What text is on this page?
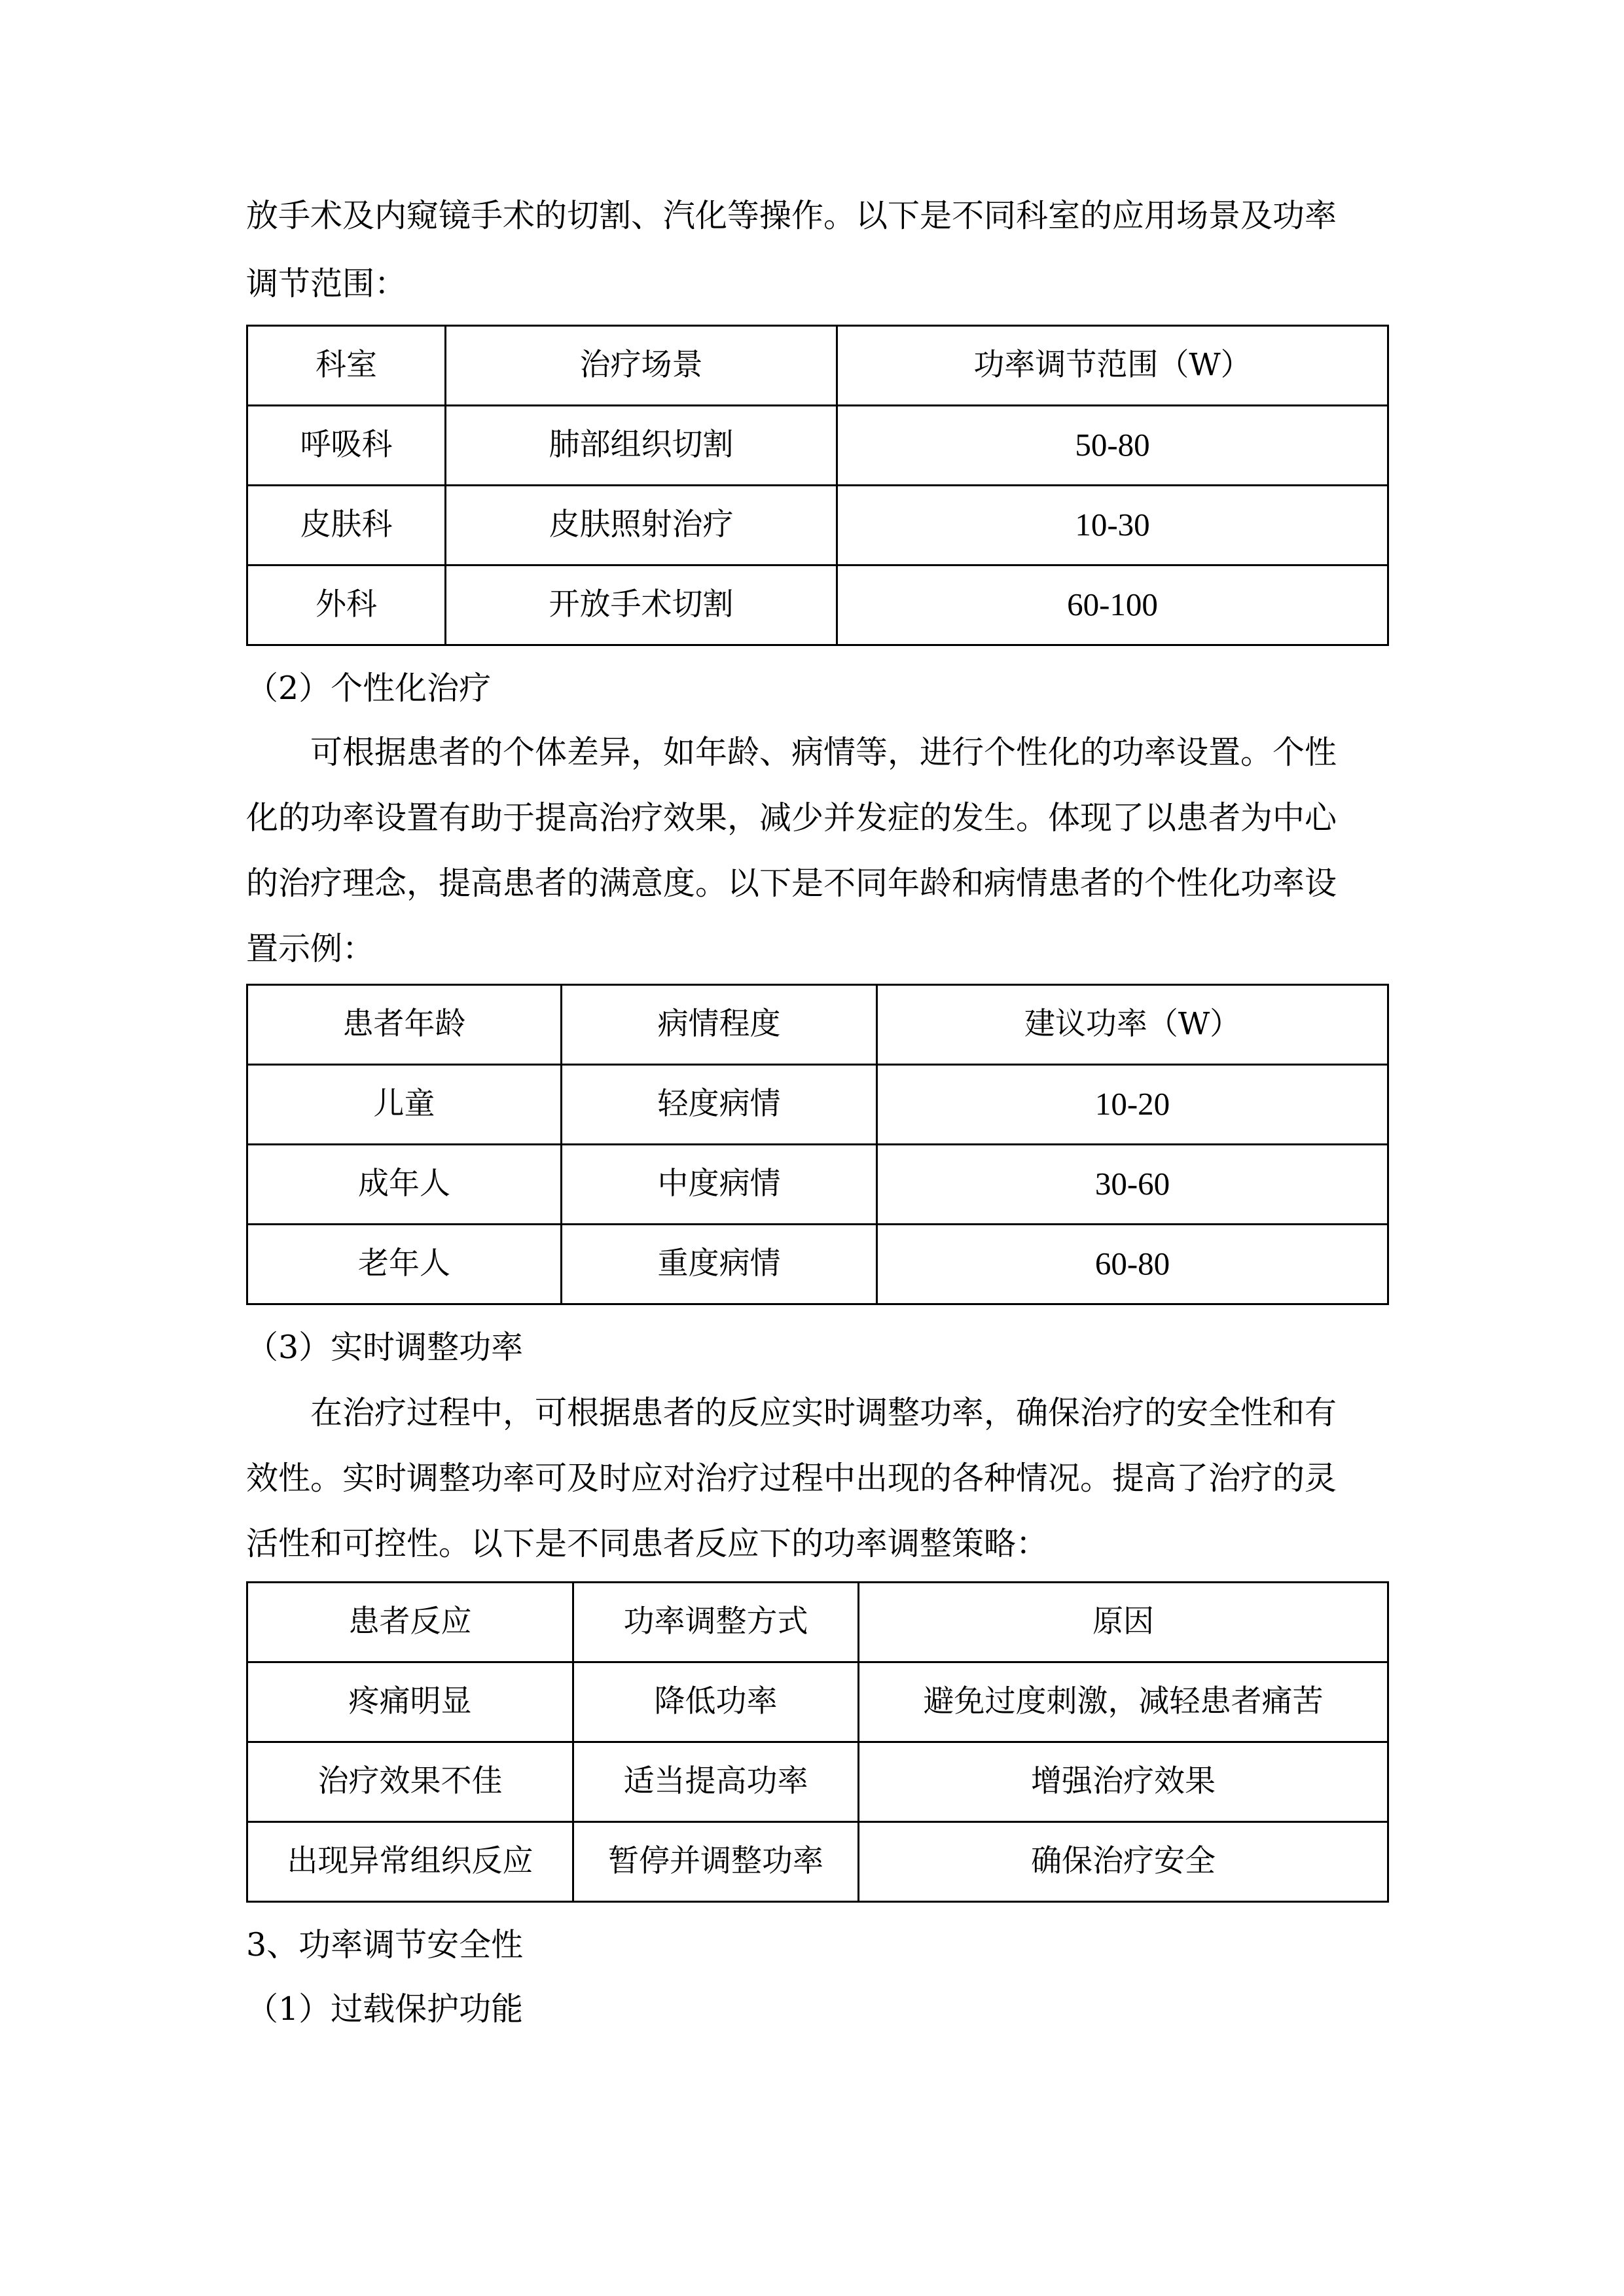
放手术及内窥镜手术的切割、汽化等操作。以下是不同科室的应用场景及功率

调节范围：

科室	治疗场景	功率调节范围（W）
呼吸科	肺部组织切割	50-80
皮肤科	皮肤照射治疗	10-30
外科	开放手术切割	60-100

（2）个性化治疗

可根据患者的个体差异，如年龄、病情等，进行个性化的功率设置。个性

化的功率设置有助于提高治疗效果，减少并发症的发生。体现了以患者为中心

的治疗理念，提高患者的满意度。以下是不同年龄和病情患者的个性化功率设

置示例：

患者年龄	病情程度	建议功率（W）
儿童	轻度病情	10-20
成年人	中度病情	30-60
老年人	重度病情	60-80

（3）实时调整功率

在治疗过程中，可根据患者的反应实时调整功率，确保治疗的安全性和有

效性。实时调整功率可及时应对治疗过程中出现的各种情况。提高了治疗的灵

活性和可控性。以下是不同患者反应下的功率调整策略：

患者反应	功率调整方式	原因
疼痛明显	降低功率	避免过度刺激，减轻患者痛苦
治疗效果不佳	适当提高功率	增强治疗效果
出现异常组织反应	暂停并调整功率	确保治疗安全

3、功率调节安全性

（1）过载保护功能
